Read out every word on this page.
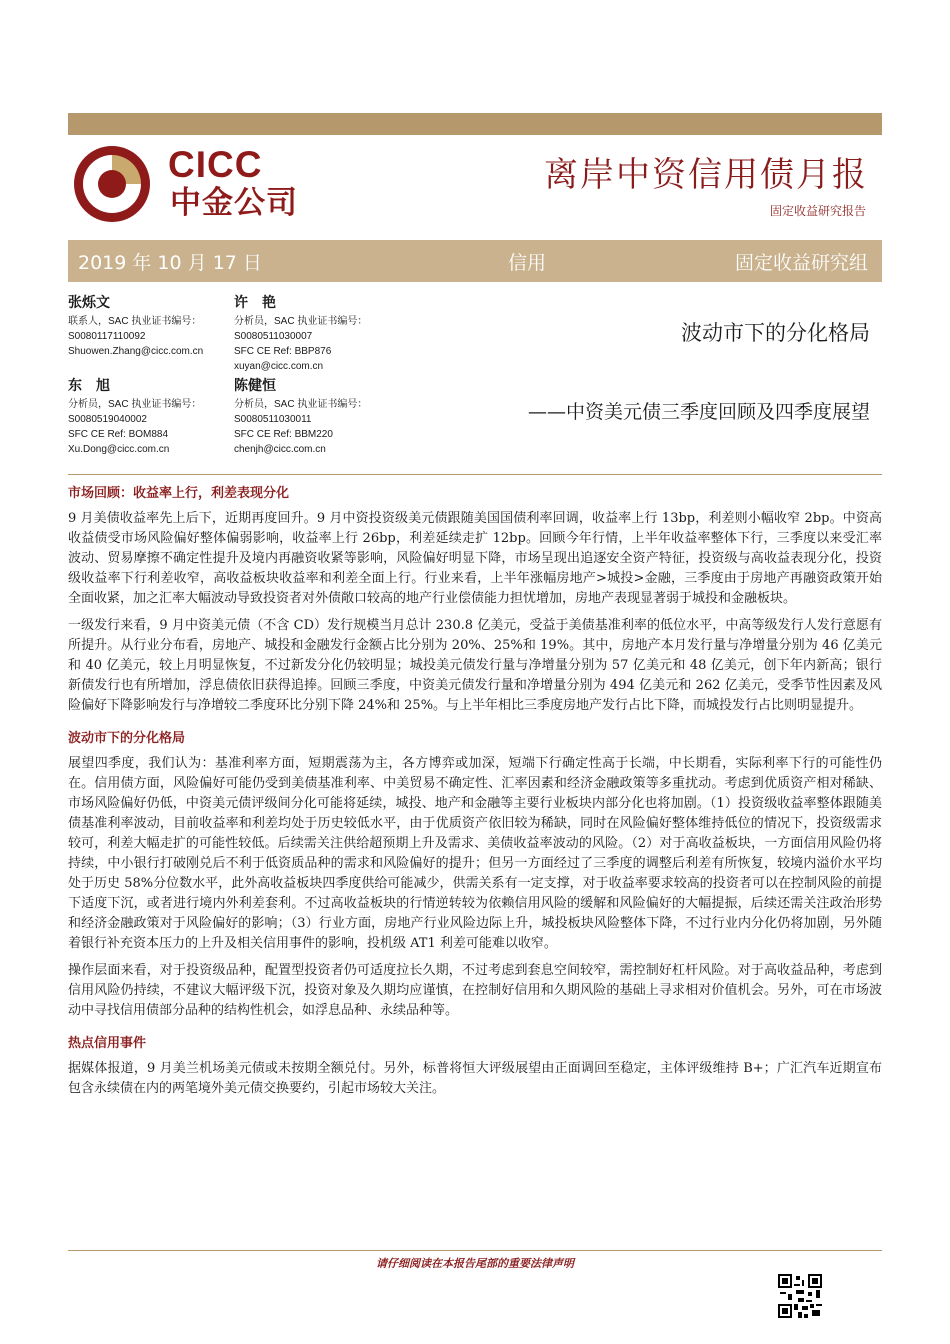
CICC
中金公司
离岸中资信用债月报
固定收益研究报告
2019 年 10 月 17 日	信用	固定收益研究组
张烁文
联系人，SAC 执业证书编号：
S0080117110092
Shuowen.Zhang@cicc.com.cn
许　艳
分析员，SAC 执业证书编号：
S0080511030007
SFC CE Ref: BBP876
xuyan@cicc.com.cn
东　旭
分析员，SAC 执业证书编号：
S0080519040002
SFC CE Ref: BOM884
Xu.Dong@cicc.com.cn
陈健恒
分析员，SAC 执业证书编号：
S0080511030011
SFC CE Ref: BBM220
chenjh@cicc.com.cn
波动市下的分化格局
——中资美元债三季度回顾及四季度展望
市场回顾：收益率上行，利差表现分化

9 月美债收益率先上后下，近期再度回升。9 月中资投资级美元债跟随美国国债利率回调，收益率上行 13bp，利差则小幅收窄 2bp。中资高收益债受市场风险偏好整体偏弱影响，收益率上行 26bp，利差延续走扩 12bp。回顾今年行情，上半年收益率整体下行，三季度以来受汇率波动、贸易摩擦不确定性提升及境内再融资收紧等影响，风险偏好明显下降，市场呈现出追逐安全资产特征，投资级与高收益表现分化，投资级收益率下行利差收窄，高收益板块收益率和利差全面上行。行业来看，上半年涨幅房地产>城投>金融，三季度由于房地产再融资政策开始全面收紧，加之汇率大幅波动导致投资者对外债敞口较高的地产行业偿债能力担忧增加，房地产表现显著弱于城投和金融板块。

一级发行来看，9 月中资美元债（不含 CD）发行规模当月总计 230.8 亿美元，受益于美债基准利率的低位水平，中高等级发行人发行意愿有所提升。从行业分布看，房地产、城投和金融发行金额占比分别为 20%、25%和 19%。其中，房地产本月发行量与净增量分别为 46 亿美元和 40 亿美元，较上月明显恢复，不过新发分化仍较明显；城投美元债发行量与净增量分别为 57 亿美元和 48 亿美元，创下年内新高；银行新债发行也有所增加，浮息债依旧获得追捧。回顾三季度，中资美元债发行量和净增量分别为 494 亿美元和 262 亿美元，受季节性因素及风险偏好下降影响发行与净增较二季度环比分别下降 24%和 25%。与上半年相比三季度房地产发行占比下降，而城投发行占比则明显提升。

波动市下的分化格局

展望四季度，我们认为：基准利率方面，短期震荡为主，各方博弈或加深，短端下行确定性高于长端，中长期看，实际利率下行的可能性仍在。信用债方面，风险偏好可能仍受到美债基准利率、中美贸易不确定性、汇率因素和经济金融政策等多重扰动。考虑到优质资产相对稀缺、市场风险偏好仍低，中资美元债评级间分化可能将延续，城投、地产和金融等主要行业板块内部分化也将加剧。（1）投资级收益率整体跟随美债基准利率波动，目前收益率和利差均处于历史较低水平，由于优质资产依旧较为稀缺，同时在风险偏好整体维持低位的情况下，投资级需求较可，利差大幅走扩的可能性较低。后续需关注供给超预期上升及需求、美债收益率波动的风险。（2）对于高收益板块，一方面信用风险仍将持续，中小银行打破刚兑后不利于低资质品种的需求和风险偏好的提升；但另一方面经过了三季度的调整后利差有所恢复，较境内溢价水平均处于历史 58%分位数水平，此外高收益板块四季度供给可能减少，供需关系有一定支撑，对于收益率要求较高的投资者可以在控制风险的前提下适度下沉，或者进行境内外利差套利。不过高收益板块的行情逆转较为依赖信用风险的缓解和风险偏好的大幅提振，后续还需关注政治形势和经济金融政策对于风险偏好的影响；（3）行业方面，房地产行业风险边际上升，城投板块风险整体下降，不过行业内分化仍将加剧，另外随着银行补充资本压力的上升及相关信用事件的影响，投机级 AT1 利差可能难以收窄。

操作层面来看，对于投资级品种，配置型投资者仍可适度拉长久期，不过考虑到套息空间较窄，需控制好杠杆风险。对于高收益品种，考虑到信用风险仍持续，不建议大幅评级下沉，投资对象及久期均应谨慎，在控制好信用和久期风险的基础上寻求相对价值机会。另外，可在市场波动中寻找信用债部分品种的结构性机会，如浮息品种、永续品种等。

热点信用事件

据媒体报道，9 月美兰机场美元债或未按期全额兑付。另外，标普将恒大评级展望由正面调回至稳定，主体评级维持 B+；广汇汽车近期宣布包含永续债在内的两笔境外美元债交换要约，引起市场较大关注。

请仔细阅读在本报告尾部的重要法律声明
